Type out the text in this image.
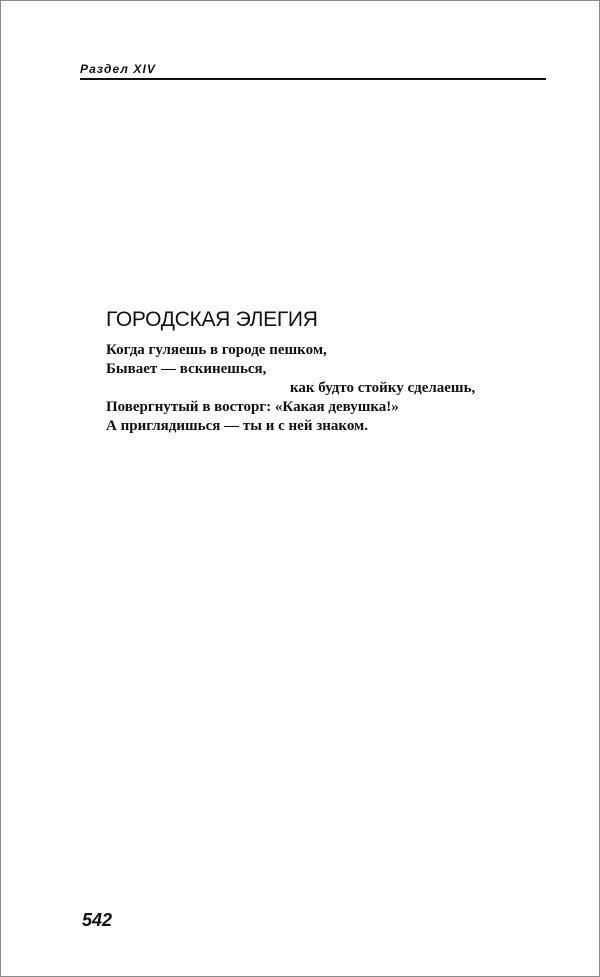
Раздел XIV
ГОРОДСКАЯ ЭЛЕГИЯ
Когда гуляешь в городе пешком,
Бывает — вскинешься,
как будто стойку сделаешь,
Повергнутый в восторг: «Какая девушка!»
А приглядишься — ты и с ней знаком.
542
